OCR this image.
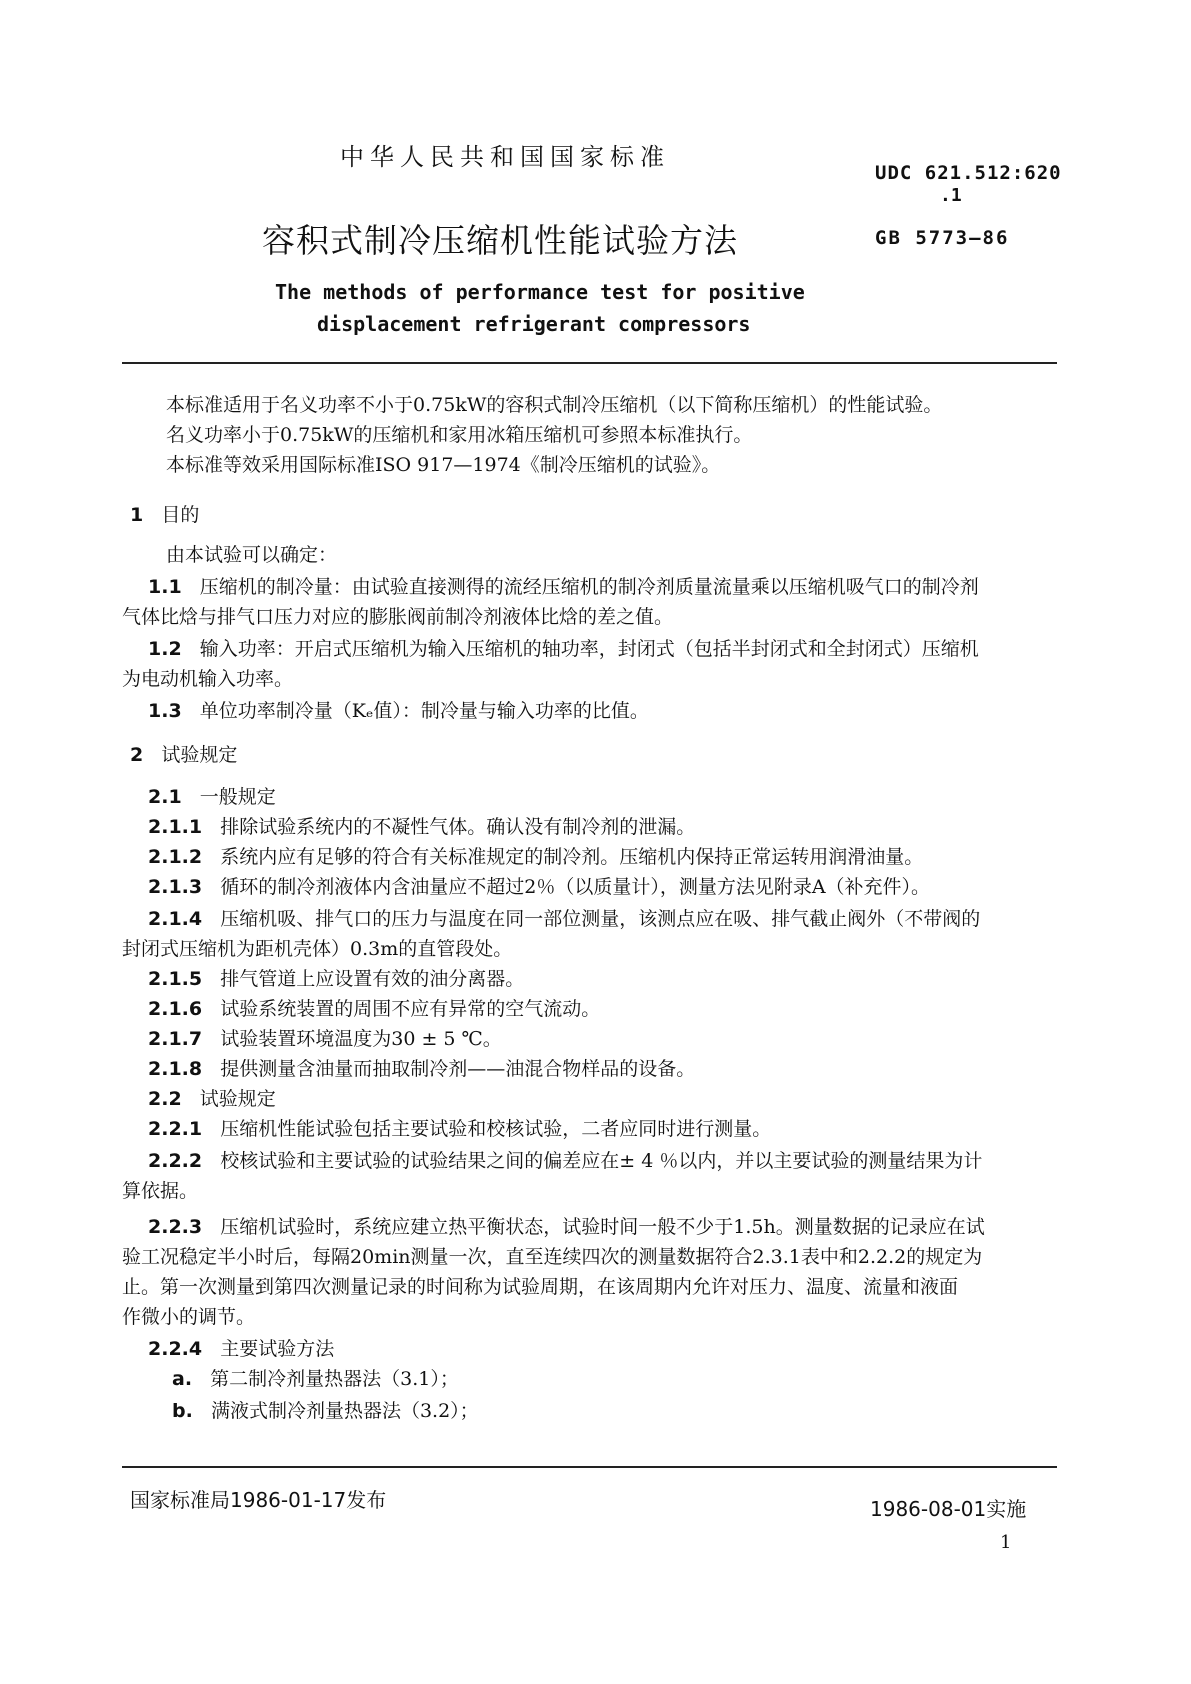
中华人民共和国国家标准
UDC 621.512:620
.1
容积式制冷压缩机性能试验方法	GB 5773—86
The methods of performance test for positive
displacement refrigerant compressors
本标准适用于名义功率不小于0.75kW的容积式制冷压缩机（以下简称压缩机）的性能试验。
名义功率小于0.75kW的压缩机和家用冰箱压缩机可参照本标准执行。
本标准等效采用国际标准ISO 917—1974《制冷压缩机的试验》。
1 目的
由本试验可以确定：
1.1 压缩机的制冷量：由试验直接测得的流经压缩机的制冷剂质量流量乘以压缩机吸气口的制冷剂
气体比焓与排气口压力对应的膨胀阀前制冷剂液体比焓的差之值。
1.2 输入功率：开启式压缩机为输入压缩机的轴功率，封闭式（包括半封闭式和全封闭式）压缩机
为电动机输入功率。
1.3 单位功率制冷量（Kₑ值）：制冷量与输入功率的比值。
2 试验规定
2.1 一般规定
2.1.1 排除试验系统内的不凝性气体。确认没有制冷剂的泄漏。
2.1.2 系统内应有足够的符合有关标准规定的制冷剂。压缩机内保持正常运转用润滑油量。
2.1.3 循环的制冷剂液体内含油量应不超过2％（以质量计），测量方法见附录A（补充件）。
2.1.4 压缩机吸、排气口的压力与温度在同一部位测量，该测点应在吸、排气截止阀外（不带阀的
封闭式压缩机为距机壳体）0.3m的直管段处。
2.1.5 排气管道上应设置有效的油分离器。
2.1.6 试验系统装置的周围不应有异常的空气流动。
2.1.7 试验装置环境温度为30 ± 5 ℃。
2.1.8 提供测量含油量而抽取制冷剂——油混合物样品的设备。
2.2 试验规定
2.2.1 压缩机性能试验包括主要试验和校核试验，二者应同时进行测量。
2.2.2 校核试验和主要试验的试验结果之间的偏差应在± 4 ％以内，并以主要试验的测量结果为计
算依据。
2.2.3 压缩机试验时，系统应建立热平衡状态，试验时间一般不少于1.5h。测量数据的记录应在试
验工况稳定半小时后，每隔20min测量一次，直至连续四次的测量数据符合2.3.1表中和2.2.2的规定为
止。第一次测量到第四次测量记录的时间称为试验周期，在该周期内允许对压力、温度、流量和液面
作微小的调节。
2.2.4 主要试验方法
a. 第二制冷剂量热器法（3.1）；
b. 满液式制冷剂量热器法（3.2）；
国家标准局1986-01-17发布	1986-08-01实施
1
